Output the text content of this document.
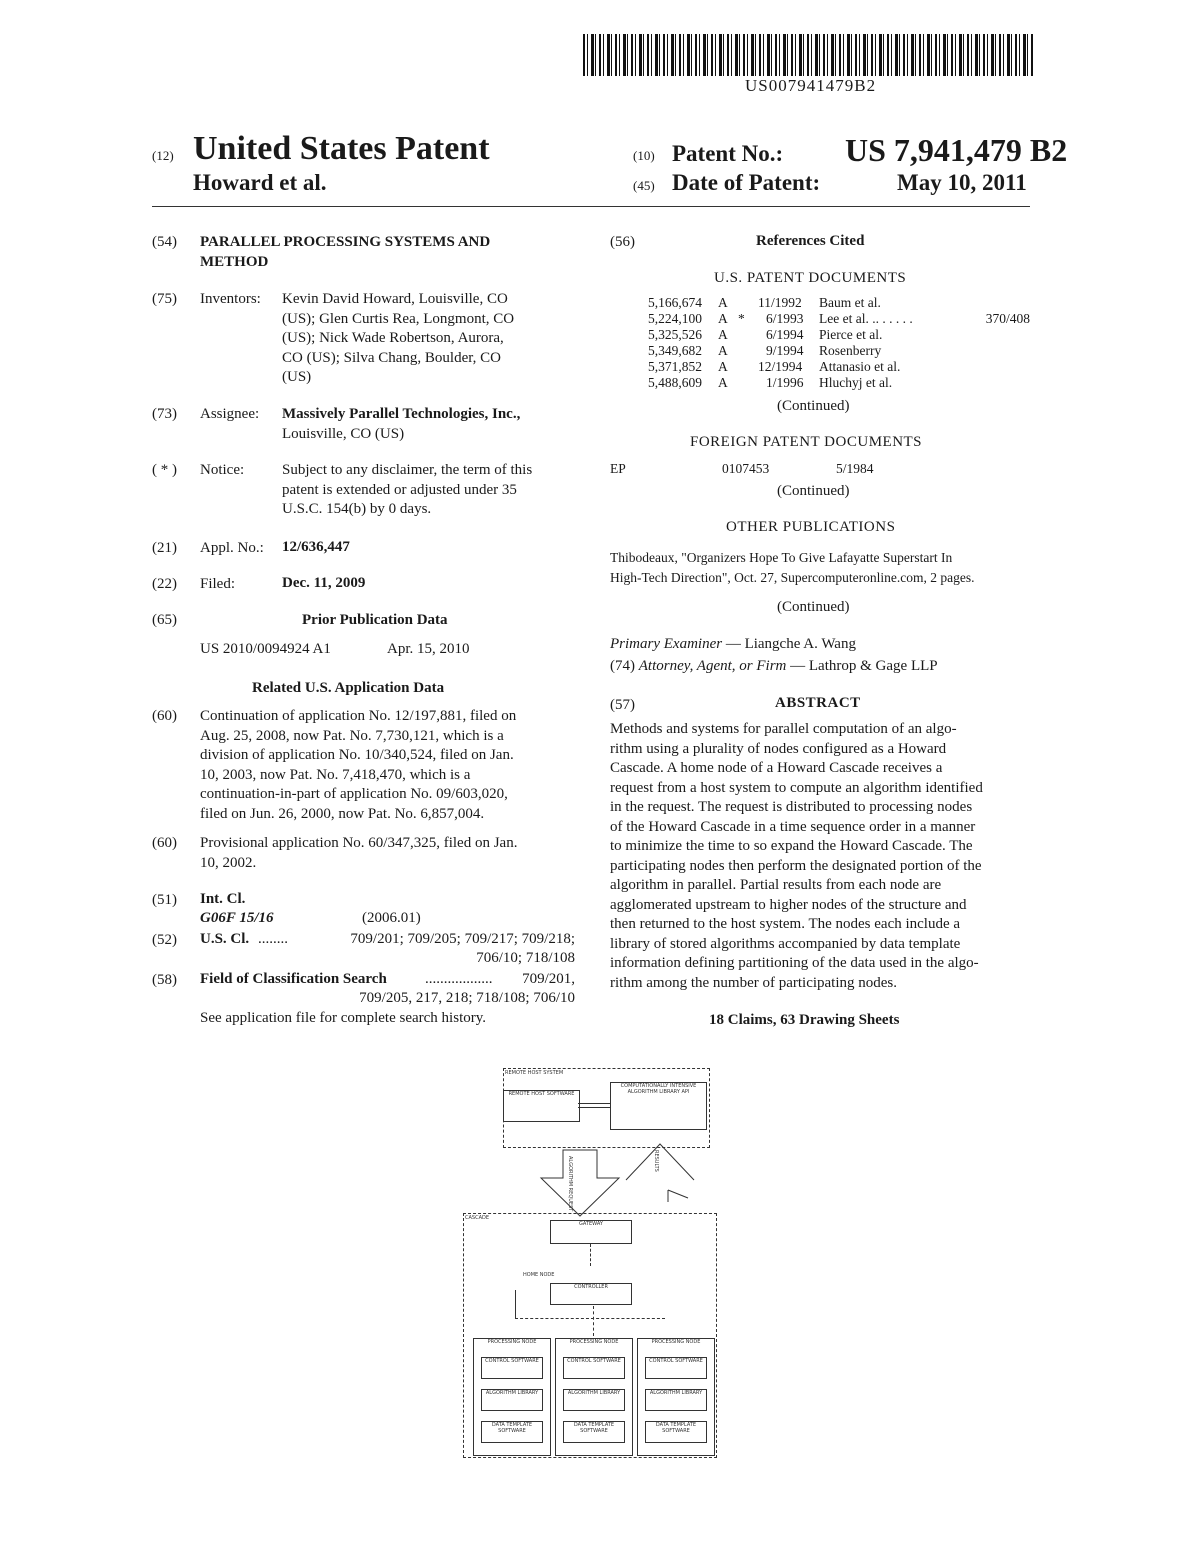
US007941479B2
(12) United States Patent
Howard et al.
(10) Patent No.: US 7,941,479 B2
(45) Date of Patent:	May 10, 2011
(54) PARALLEL PROCESSING SYSTEMS AND METHOD
(75) Inventors: Kevin David Howard, Louisville, CO
(US); Glen Curtis Rea, Longmont, CO
(US); Nick Wade Robertson, Aurora,
CO (US); Silva Chang, Boulder, CO
(US)
(73) Assignee: Massively Parallel Technologies, Inc.,
Louisville, CO (US)
( * ) Notice:	Subject to any disclaimer, the term of this
patent is extended or adjusted under 35
U.S.C. 154(b) by 0 days.
(21) Appl. No.: 12/636,447
(22) Filed:	Dec. 11, 2009
(65)	Prior Publication Data
US 2010/0094924 A1	Apr. 15, 2010
Related U.S. Application Data
(60) Continuation of application No. 12/197,881, filed on
Aug. 25, 2008, now Pat. No. 7,730,121, which is a
division of application No. 10/340,524, filed on Jan.
10, 2003, now Pat. No. 7,418,470, which is a
continuation-in-part of application No. 09/603,020,
filed on Jun. 26, 2000, now Pat. No. 6,857,004.
(60) Provisional application No. 60/347,325, filed on Jan.
10, 2002.
(51) Int. Cl.
G06F 15/16	(2006.01)
(52) U.S. Cl. ........	709/201; 709/205; 709/217; 709/218;
706/10; 718/108
(58) Field of Classification Search	..................	709/201,
709/205, 217, 218; 718/108; 706/10
See application file for complete search history.
(56)	References Cited
U.S. PATENT DOCUMENTS
5,166,674 A 11/1992 Baum et al.
5,224,100 A * 6/1993 Lee et al. .. . . . . .	370/408
5,325,526 A	6/1994 Pierce et al.
5,349,682 A	9/1994 Rosenberry
5,371,852 A 12/1994 Attanasio et al.
5,488,609 A	1/1996 Hluchyj et al.
(Continued)
FOREIGN PATENT DOCUMENTS
EP	0107453	5/1984
(Continued)
OTHER PUBLICATIONS
Thibodeaux, "Organizers Hope To Give Lafayatte Superstart In
High-Tech Direction", Oct. 27, Supercomputeronline.com, 2 pages.
(Continued)
Primary Examiner — Liangche A. Wang
(74) Attorney, Agent, or Firm — Lathrop & Gage LLP
(57)	ABSTRACT
Methods and systems for parallel computation of an algo-
rithm using a plurality of nodes configured as a Howard
Cascade. A home node of a Howard Cascade receives a
request from a host system to compute an algorithm identified
in the request. The request is distributed to processing nodes
of the Howard Cascade in a time sequence order in a manner
to minimize the time to so expand the Howard Cascade. The
participating nodes then perform the designated portion of the
algorithm in parallel. Partial results from each node are
agglomerated upstream to higher nodes of the structure and
then returned to the host system. The nodes each include a
library of stored algorithms accompanied by data template
information defining partitioning of the data used in the algo-
rithm among the number of participating nodes.
18 Claims, 63 Drawing Sheets
REMOTE HOST SYSTEM
REMOTE HOST SOFTWARE
COMPUTATIONALLY INTENSIVE ALGORITHM LIBRARY API
ALGORITHM REQUEST	RESULTS
CASCADE
GATEWAY
HOME NODE
CONTROLLER
PROCESSING NODE
CONTROL SOFTWARE
ALGORITHM LIBRARY
DATA TEMPLATE SOFTWARE
PROCESSING NODE
CONTROL SOFTWARE
ALGORITHM LIBRARY
DATA TEMPLATE SOFTWARE
PROCESSING NODE
CONTROL SOFTWARE
ALGORITHM LIBRARY
DATA TEMPLATE SOFTWARE
